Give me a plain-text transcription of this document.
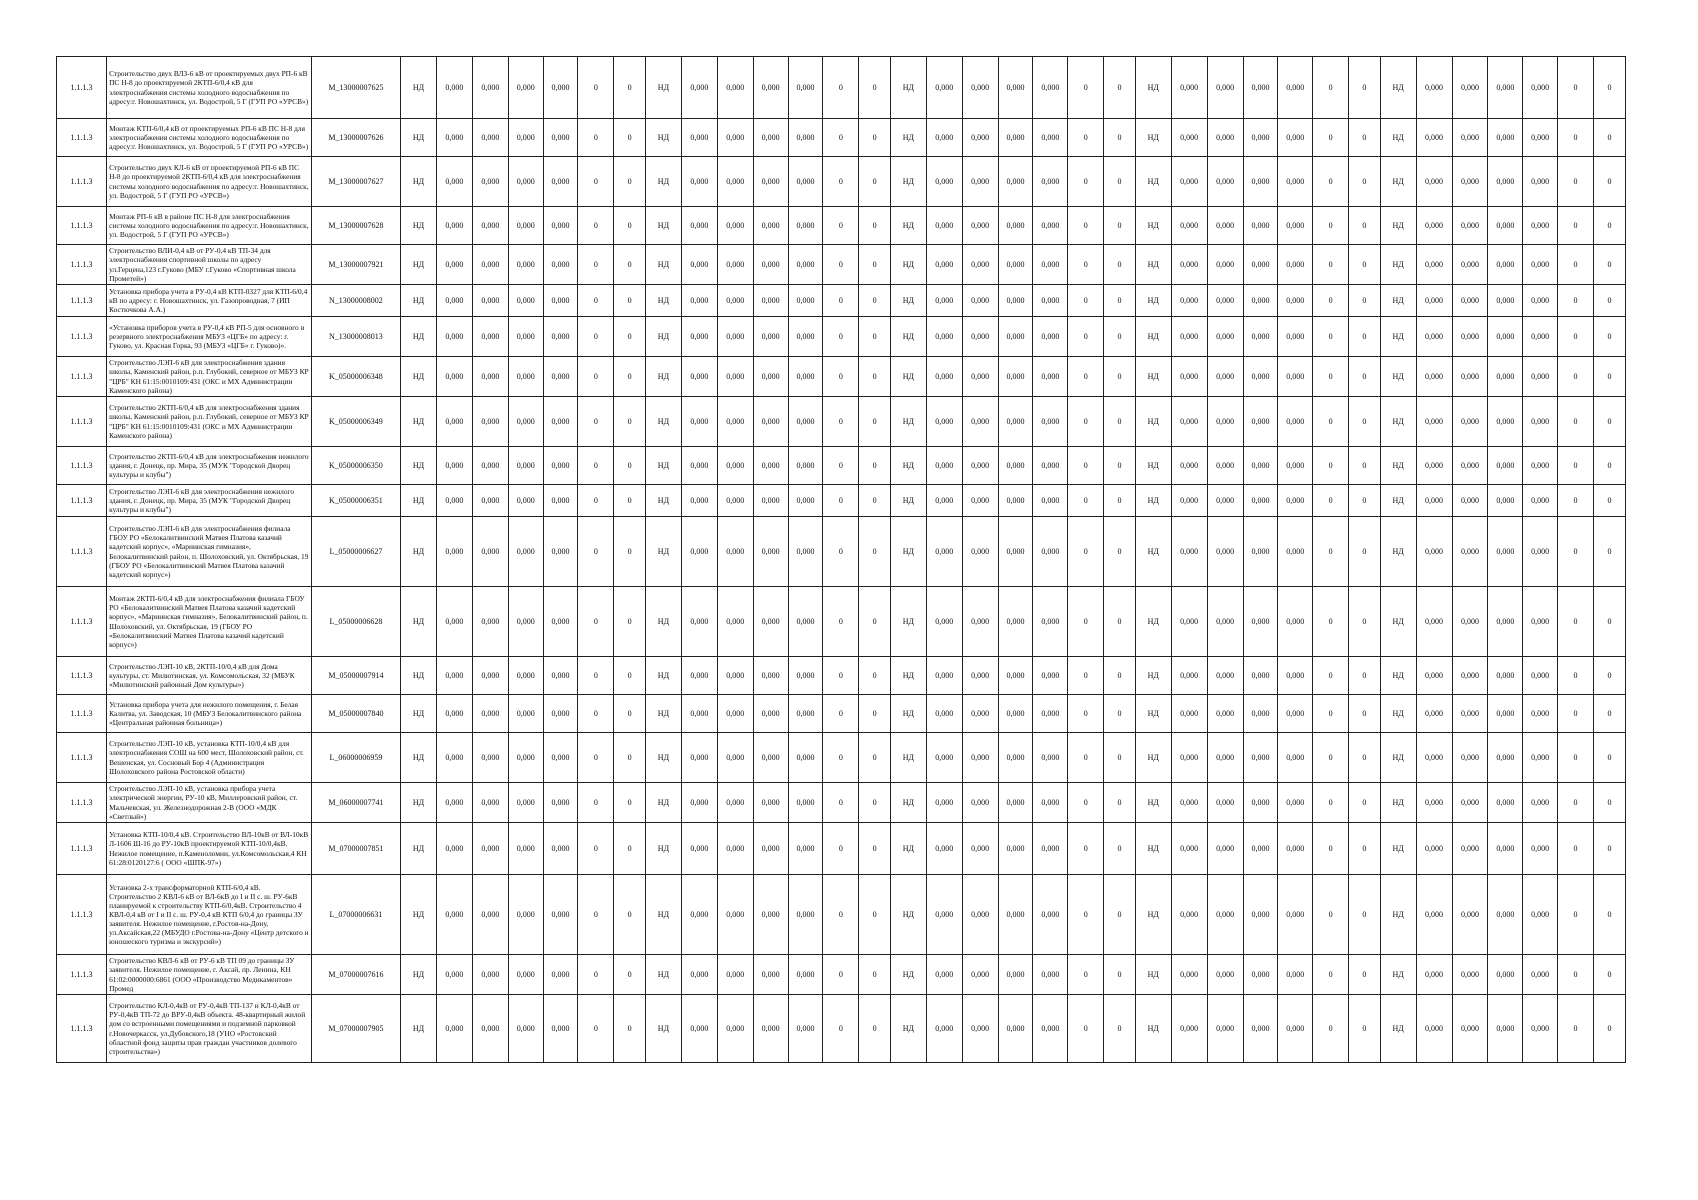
1.1.1.3	Строительство двух ВЛЗ-6 кВ от проектируемых двух РП-6 кВ ПС Н-8 до проектируемой 2КТП-6/0,4 кВ для электроснабжения системы холодного водоснабжения по адресу:г. Новошахтинск, ул. Водострой, 5 Г (ГУП РО «УРСВ»)	M_13000007625	НД	0,000	0,000	0,000	0,000	0	0	НД	0,000	0,000	0,000	0,000	0	0	НД	0,000	0,000	0,000	0,000	0	0	НД	0,000	0,000	0,000	0,000	0	0	НД	0,000	0,000	0,000	0,000	0	0
1.1.1.3	Монтаж КТП-6/0,4 кВ от проектируемых РП-6 кВ ПС Н-8 для электроснабжения системы холодного водоснабжения по адресу:г. Новошахтинск, ул. Водострой, 5 Г (ГУП РО «УРСВ»)	M_13000007626	НД	0,000	0,000	0,000	0,000	0	0	НД	0,000	0,000	0,000	0,000	0	0	НД	0,000	0,000	0,000	0,000	0	0	НД	0,000	0,000	0,000	0,000	0	0	НД	0,000	0,000	0,000	0,000	0	0
1.1.1.3	Строительство двух КЛ-6 кВ от проектируемой РП-6 кВ ПС Н-8 до проектируемой 2КТП-6/0,4 кВ для электроснабжения системы холодного водоснабжения по адресу:г. Новошахтинск, ул. Водострой, 5 Г (ГУП РО «УРСВ»)	M_13000007627	НД	0,000	0,000	0,000	0,000	0	0	НД	0,000	0,000	0,000	0,000	0	0	НД	0,000	0,000	0,000	0,000	0	0	НД	0,000	0,000	0,000	0,000	0	0	НД	0,000	0,000	0,000	0,000	0	0
1.1.1.3	Монтаж РП-6 кВ в районе ПС Н-8 для электроснабжения системы холодного водоснабжения по адресу:г. Новошахтинск, ул. Водострой, 5 Г (ГУП РО «УРСВ»)	M_13000007628	НД	0,000	0,000	0,000	0,000	0	0	НД	0,000	0,000	0,000	0,000	0	0	НД	0,000	0,000	0,000	0,000	0	0	НД	0,000	0,000	0,000	0,000	0	0	НД	0,000	0,000	0,000	0,000	0	0
1.1.1.3	Строительство ВЛИ-0,4 кВ от РУ-0,4 кВ ТП-34 для электроснабжения спортивной школы по адресу ул.Герцена,123 г.Гуково (МБУ г.Гуково «Спортивная школа Прометей»)	M_13000007921	НД	0,000	0,000	0,000	0,000	0	0	НД	0,000	0,000	0,000	0,000	0	0	НД	0,000	0,000	0,000	0,000	0	0	НД	0,000	0,000	0,000	0,000	0	0	НД	0,000	0,000	0,000	0,000	0	0
1.1.1.3	Установка прибора учета в РУ-0,4 кВ КТП-0327 для КТП-6/0,4 кВ по адресу: г. Новошахтинск, ул. Газопроводная, 7 (ИП Костючкова А.А.)	N_13000008002	НД	0,000	0,000	0,000	0,000	0	0	НД	0,000	0,000	0,000	0,000	0	0	НД	0,000	0,000	0,000	0,000	0	0	НД	0,000	0,000	0,000	0,000	0	0	НД	0,000	0,000	0,000	0,000	0	0
1.1.1.3	«Установка приборов учета в РУ-0,4 кВ РП-5 для основного и резервного электроснабжения МБУЗ «ЦГБ» по адресу: г. Гуково, ул. Красная Горка, 93 (МБУЗ «ЦГБ» г. Гуково)».	N_13000008013	НД	0,000	0,000	0,000	0,000	0	0	НД	0,000	0,000	0,000	0,000	0	0	НД	0,000	0,000	0,000	0,000	0	0	НД	0,000	0,000	0,000	0,000	0	0	НД	0,000	0,000	0,000	0,000	0	0
1.1.1.3	Строительство ЛЭП-6 кВ для электроснабжения здания школы, Каменский район, р.п. Глубокий, северное от МБУЗ КР "ЦРБ" КН 61:15:0010109:431 (ОКС и МХ Администрации Каменского района)	K_05000006348	НД	0,000	0,000	0,000	0,000	0	0	НД	0,000	0,000	0,000	0,000	0	0	НД	0,000	0,000	0,000	0,000	0	0	НД	0,000	0,000	0,000	0,000	0	0	НД	0,000	0,000	0,000	0,000	0	0
1.1.1.3	Строительство 2КТП-6/0,4 кВ для электроснабжения здания школы, Каменский район, р.п. Глубокий, северное от МБУЗ КР "ЦРБ" КН 61:15:0010109:431 (ОКС и МХ Администрации Каменского района)	K_05000006349	НД	0,000	0,000	0,000	0,000	0	0	НД	0,000	0,000	0,000	0,000	0	0	НД	0,000	0,000	0,000	0,000	0	0	НД	0,000	0,000	0,000	0,000	0	0	НД	0,000	0,000	0,000	0,000	0	0
1.1.1.3	Строительство 2КТП-6/0,4 кВ для электроснабжения нежилого здания, г. Донецк, пр. Мира, 35 (МУК "Городской Дворец культуры и клубы")	K_05000006350	НД	0,000	0,000	0,000	0,000	0	0	НД	0,000	0,000	0,000	0,000	0	0	НД	0,000	0,000	0,000	0,000	0	0	НД	0,000	0,000	0,000	0,000	0	0	НД	0,000	0,000	0,000	0,000	0	0
1.1.1.3	Строительство ЛЭП-6 кВ для электроснабжения нежилого здания, г. Донецк, пр. Мира, 35 (МУК "Городской Дворец культуры и клубы")	K_05000006351	НД	0,000	0,000	0,000	0,000	0	0	НД	0,000	0,000	0,000	0,000	0	0	НД	0,000	0,000	0,000	0,000	0	0	НД	0,000	0,000	0,000	0,000	0	0	НД	0,000	0,000	0,000	0,000	0	0
1.1.1.3	Строительство ЛЭП-6 кВ для электроснабжения филиала ГБОУ РО «Белокалитвинский Матвея Платова казачий кадетский корпус», «Мариинская гимназия», Белокалитвинский район, п. Шолоховский, ул. Октябрьская, 19 (ГБОУ РО «Белокалитвинский Матвея Платова казачий кадетский корпус»)	L_05000006627	НД	0,000	0,000	0,000	0,000	0	0	НД	0,000	0,000	0,000	0,000	0	0	НД	0,000	0,000	0,000	0,000	0	0	НД	0,000	0,000	0,000	0,000	0	0	НД	0,000	0,000	0,000	0,000	0	0
1.1.1.3	Монтаж 2КТП-6/0,4 кВ для электроснабжения филиала ГБОУ РО «Белокалитвинский Матвея Платова казачий кадетский корпус», «Мариинская гимназия», Белокалитвинский район, п. Шолоховский, ул. Октябрьская, 19 (ГБОУ РО «Белокалитвинский Матвея Платова казачий кадетский корпус»)	L_05000006628	НД	0,000	0,000	0,000	0,000	0	0	НД	0,000	0,000	0,000	0,000	0	0	НД	0,000	0,000	0,000	0,000	0	0	НД	0,000	0,000	0,000	0,000	0	0	НД	0,000	0,000	0,000	0,000	0	0
1.1.1.3	Строительство ЛЭП-10 кВ, 2КТП-10/0,4 кВ для Дома культуры, ст. Милютинская, ул. Комсомольская, 32 (МБУК «Милютинский районный Дом культуры»)	M_05000007914	НД	0,000	0,000	0,000	0,000	0	0	НД	0,000	0,000	0,000	0,000	0	0	НД	0,000	0,000	0,000	0,000	0	0	НД	0,000	0,000	0,000	0,000	0	0	НД	0,000	0,000	0,000	0,000	0	0
1.1.1.3	Установка прибора учета для нежилого помещения, г. Белая Калитва, ул. Заводская, 10 (МБУЗ Белокалитвинского района «Центральная районная больница»)	M_05000007840	НД	0,000	0,000	0,000	0,000	0	0	НД	0,000	0,000	0,000	0,000	0	0	НД	0,000	0,000	0,000	0,000	0	0	НД	0,000	0,000	0,000	0,000	0	0	НД	0,000	0,000	0,000	0,000	0	0
1.1.1.3	Строительство ЛЭП-10 кВ, установка КТП-10/0,4 кВ для электроснабжения СОШ на 600 мест, Шолоховский район, ст. Вешенская, ул. Сосновый Бор 4 (Администрация Шолоховского района Ростовской области)	L_06000006959	НД	0,000	0,000	0,000	0,000	0	0	НД	0,000	0,000	0,000	0,000	0	0	НД	0,000	0,000	0,000	0,000	0	0	НД	0,000	0,000	0,000	0,000	0	0	НД	0,000	0,000	0,000	0,000	0	0
1.1.1.3	Строительство ЛЭП-10 кВ, установка прибора учета электрической энергии, РУ-10 кВ, Миллеровский район, ст. Мальчевская, ул. Железнодорожная 2-В (ООО «МДК «Светлый»)	M_06000007741	НД	0,000	0,000	0,000	0,000	0	0	НД	0,000	0,000	0,000	0,000	0	0	НД	0,000	0,000	0,000	0,000	0	0	НД	0,000	0,000	0,000	0,000	0	0	НД	0,000	0,000	0,000	0,000	0	0
1.1.1.3	Установка КТП-10/0,4 кВ. Строительство ВЛ-10кВ от ВЛ-10кВ Л-1606 Ш-16 до РУ-10кВ проектируемой КТП-10/0,4кВ. Нежилое помещение, п.Каменоломни, ул.Комсомольская,4 КН 61:28:0120127:6 ( ООО «ШПК-97»)	M_07000007851	НД	0,000	0,000	0,000	0,000	0	0	НД	0,000	0,000	0,000	0,000	0	0	НД	0,000	0,000	0,000	0,000	0	0	НД	0,000	0,000	0,000	0,000	0	0	НД	0,000	0,000	0,000	0,000	0	0
1.1.1.3	Установка 2-х трансформаторной КТП-6/0,4 кВ. Строительство 2 КВЛ-6 кВ от ВЛ-6кВ до I и II с. ш. РУ-6кВ планируемой к строительству КТП-6/0,4кВ. Строительство 4 КВЛ-0,4 кВ от I и II с. ш. РУ-0,4 кВ КТП 6/0,4 до границы ЗУ заявителя. Нежилое помещение, г.Ростов-на-Дону, ул.Аксайская,22 (МБУДО г.Ростова-на-Дону «Центр детского и юношеского туризма и экскурсий»)	L_07000006631	НД	0,000	0,000	0,000	0,000	0	0	НД	0,000	0,000	0,000	0,000	0	0	НД	0,000	0,000	0,000	0,000	0	0	НД	0,000	0,000	0,000	0,000	0	0	НД	0,000	0,000	0,000	0,000	0	0
1.1.1.3	Строительство КВЛ-6 кВ от РУ-6 кВ ТП 09 до границы ЗУ заявителя. Нежилое помещение, г. Аксай, пр. Ленина, КН 61:02:0000000:6861 (ООО «Производство Медикаментов» Промед	M_07000007616	НД	0,000	0,000	0,000	0,000	0	0	НД	0,000	0,000	0,000	0,000	0	0	НД	0,000	0,000	0,000	0,000	0	0	НД	0,000	0,000	0,000	0,000	0	0	НД	0,000	0,000	0,000	0,000	0	0
1.1.1.3	Строительство КЛ-0,4кВ от РУ-0,4кВ ТП-137 и КЛ-0,4кВ от РУ-0,4кВ ТП-72 до ВРУ-0,4кВ объекта. 48-квартирный жилой дом со встроенными помещениями и подземной парковкой г.Новочеркасск, ул.Дубовского,18 (УНО «Ростовский областной фонд защиты прав граждан участников долевого строительства»)	M_07000007905	НД	0,000	0,000	0,000	0,000	0	0	НД	0,000	0,000	0,000	0,000	0	0	НД	0,000	0,000	0,000	0,000	0	0	НД	0,000	0,000	0,000	0,000	0	0	НД	0,000	0,000	0,000	0,000	0	0
